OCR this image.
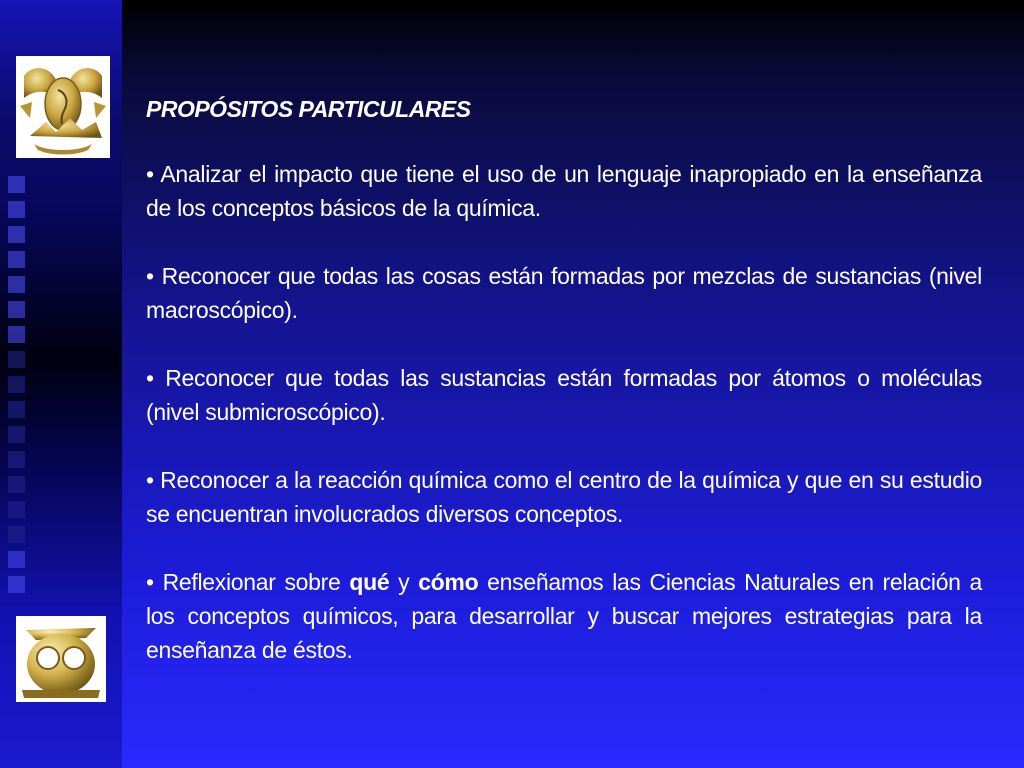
PROPÓSITOS PARTICULARES

• Analizar el impacto que tiene el uso de un lenguaje inapropiado en la enseñanza de los conceptos básicos de la química.

• Reconocer que todas las cosas están formadas por mezclas de sustancias (nivel macroscópico).

• Reconocer que todas las sustancias están formadas por átomos o moléculas (nivel submicroscópico).

• Reconocer a la reacción química como el centro de la química y que en su estudio se encuentran involucrados diversos conceptos.

• Reflexionar sobre qué y cómo enseñamos las Ciencias Naturales en relación a los conceptos químicos, para desarrollar y buscar mejores estrategias para la enseñanza de éstos.
